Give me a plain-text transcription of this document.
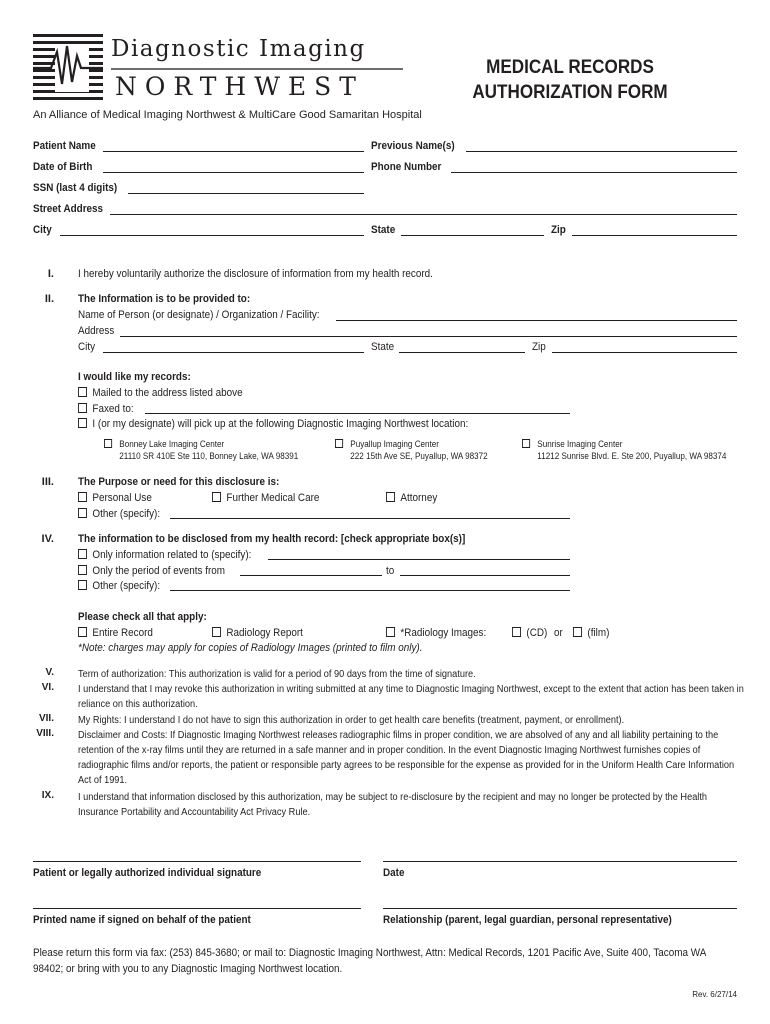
Diagnostic Imaging
NORTHWEST
An Alliance of Medical Imaging Northwest & MultiCare Good Samaritan Hospital
MEDICAL RECORDS
AUTHORIZATION FORM
Patient Name	Previous Name(s)
Date of Birth	Phone Number
SSN (last 4 digits)
Street Address
City	State	Zip
I. I hereby voluntarily authorize the disclosure of information from my health record.
II. The Information is to be provided to:
Name of Person (or designate) / Organization / Facility:
Address
City	State	Zip
I would like my records:
Mailed to the address listed above
Faxed to:
I (or my designate) will pick up at the following Diagnostic Imaging Northwest location:
Bonney Lake Imaging Center
21110 SR 410E Ste 110, Bonney Lake, WA 98391
Puyallup Imaging Center
222 15th Ave SE, Puyallup, WA 98372
Sunrise Imaging Center
11212 Sunrise Blvd. E. Ste 200, Puyallup, WA 98374
III. The Purpose or need for this disclosure is:
Personal Use	Further Medical Care	Attorney
Other (specify):
IV. The information to be disclosed from my health record: [check appropriate box(s)]
Only information related to (specify):
Only the period of events from	to
Other (specify):
Please check all that apply:
Entire Record	Radiology Report	*Radiology Images:	(CD) or	(film)
*Note: charges may apply for copies of Radiology Images (printed to film only).
V. Term of authorization: This authorization is valid for a period of 90 days from the time of signature.
VI. I understand that I may revoke this authorization in writing submitted at any time to Diagnostic Imaging Northwest, except to the extent that action has been taken in reliance on this authorization.
VII. My Rights: I understand I do not have to sign this authorization in order to get health care benefits (treatment, payment, or enrollment).
VIII. Disclaimer and Costs: If Diagnostic Imaging Northwest releases radiographic films in proper condition, we are absolved of any and all liability pertaining to the retention of the x-ray films until they are returned in a safe manner and in proper condition. In the event Diagnostic Imaging Northwest furnishes copies of radiographic films and/or reports, the patient or responsible party agrees to be responsible for the expense as provided for in the Uniform Health Care Information Act of 1991.
IX. I understand that information disclosed by this authorization, may be subject to re-disclosure by the recipient and may no longer be protected by the Health Insurance Portability and Accountability Act Privacy Rule.
Patient or legally authorized individual signature	Date
Printed name if signed on behalf of the patient	Relationship (parent, legal guardian, personal representative)
Please return this form via fax: (253) 845-3680; or mail to: Diagnostic Imaging Northwest, Attn: Medical Records, 1201 Pacific Ave, Suite 400, Tacoma WA 98402; or bring with you to any Diagnostic Imaging Northwest location.
Rev. 6/27/14
